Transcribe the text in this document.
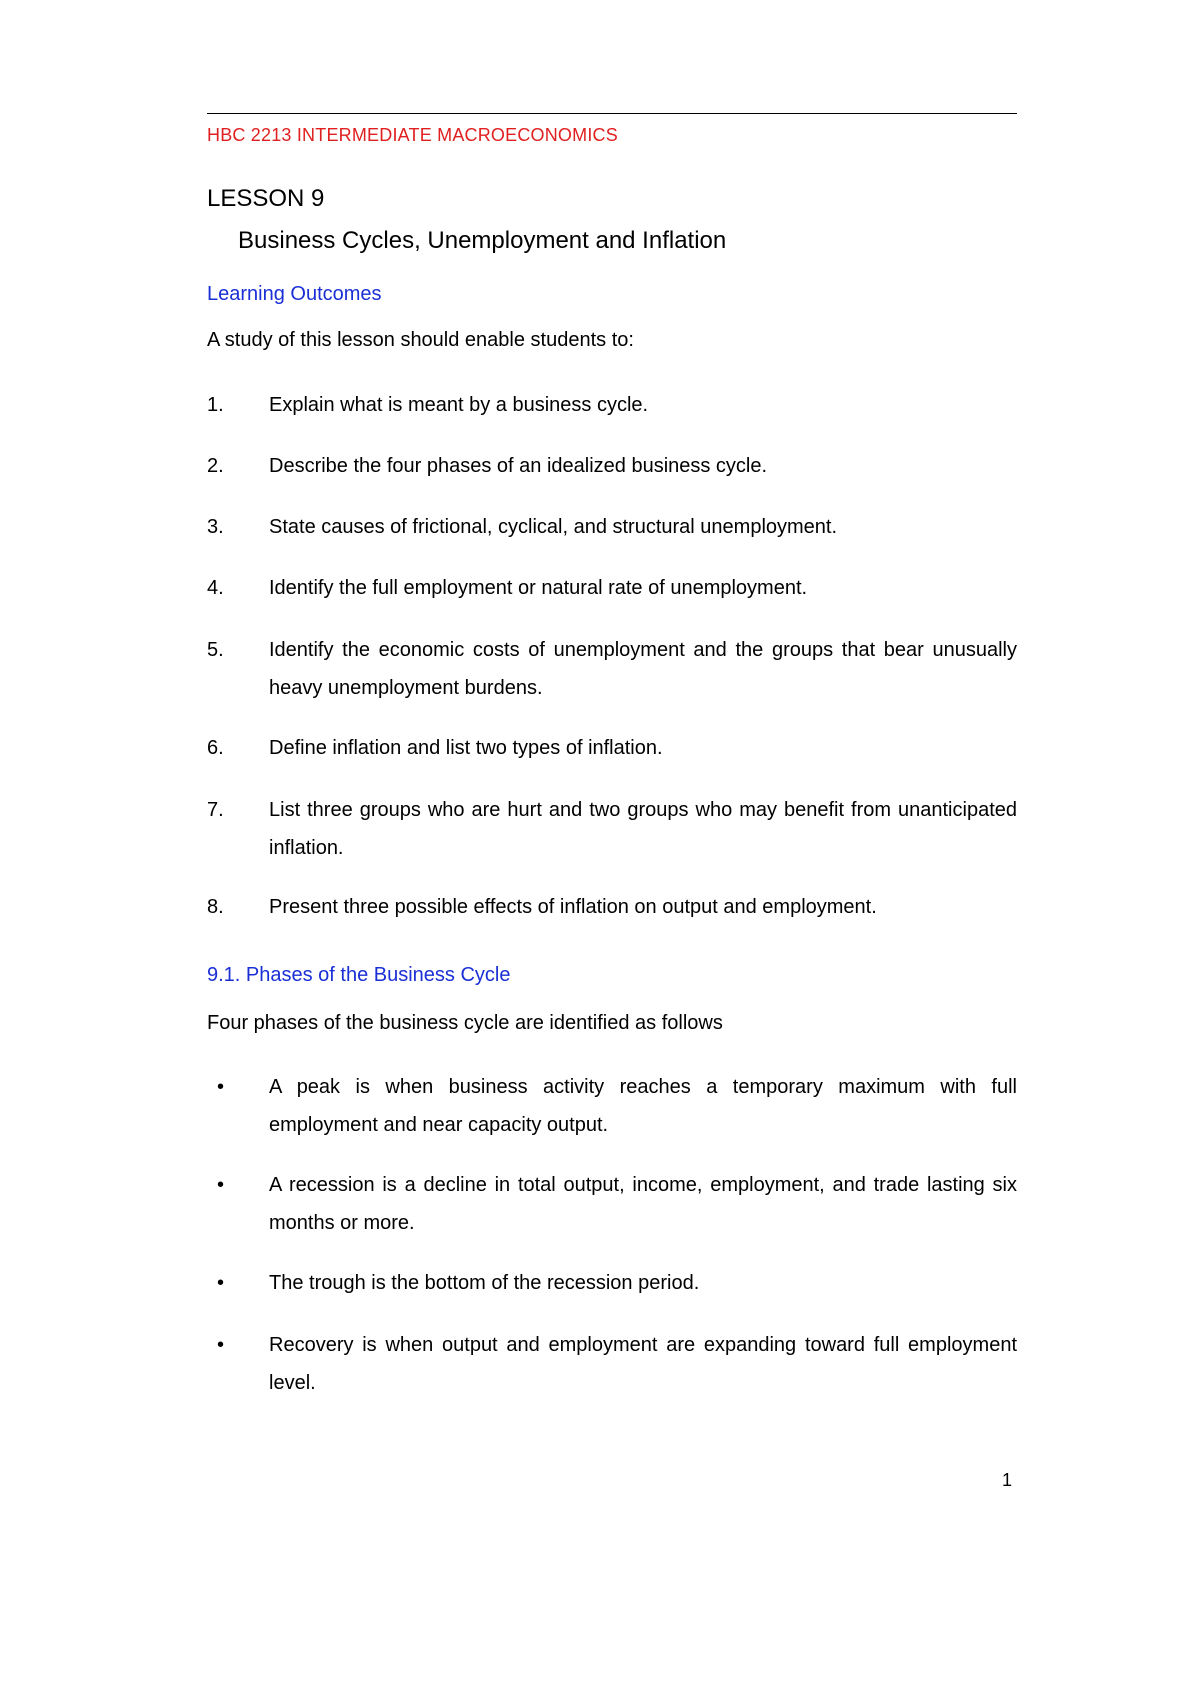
HBC 2213 INTERMEDIATE MACROECONOMICS
LESSON 9
Business Cycles, Unemployment and Inflation
Learning Outcomes
A study of this lesson should enable students to:
1. Explain what is meant by a business cycle.
2. Describe the four phases of an idealized business cycle.
3. State causes of frictional, cyclical, and structural unemployment.
4. Identify the full employment or natural rate of unemployment.
5. Identify the economic costs of unemployment and the groups that bear unusually heavy unemployment burdens.
6. Define inflation and list two types of inflation.
7. List three groups who are hurt and two groups who may benefit from unanticipated inflation.
8. Present three possible effects of inflation on output and employment.
9.1. Phases of the Business Cycle
Four phases of the business cycle are identified as follows
• A peak is when business activity reaches a temporary maximum with full employment and near capacity output.
• A recession is a decline in total output, income, employment, and trade lasting six months or more.
• The trough is the bottom of the recession period.
• Recovery is when output and employment are expanding toward full employment level.
1
